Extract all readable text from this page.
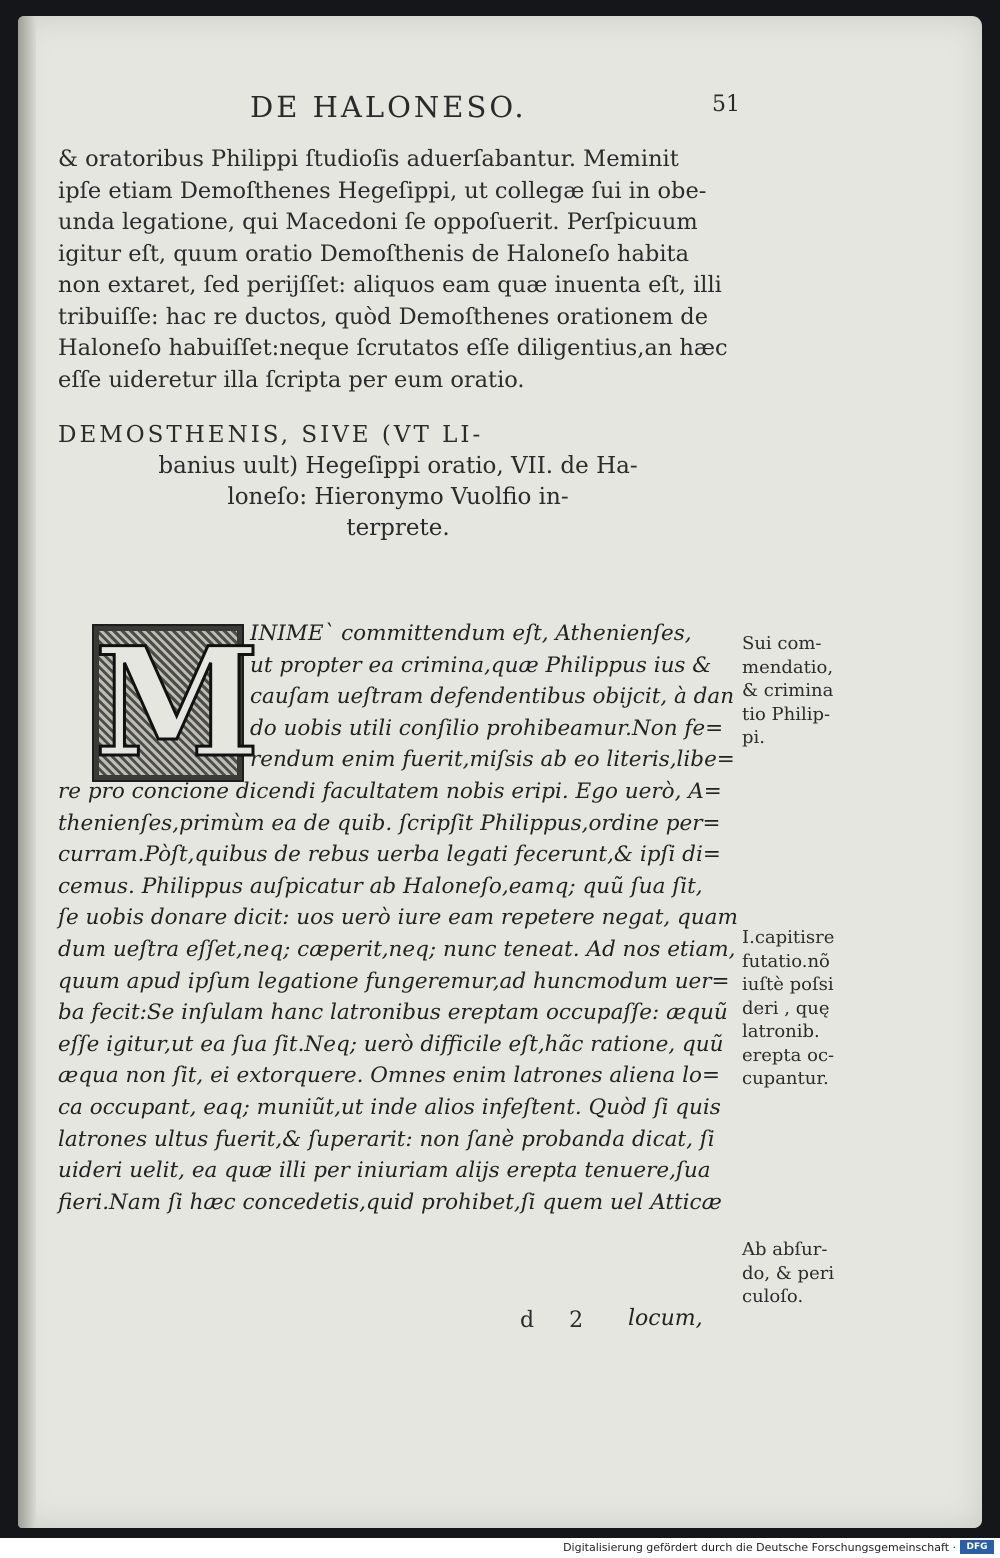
DE HALONESO.	51
& oratoribus Philippi ſtudioſis aduerſabantur. Meminit
ipſe etiam Demoſthenes Hegeſippi, ut collegæ ſui in obe-
unda legatione, qui Macedoni ſe oppoſuerit. Perſpicuum
igitur eſt, quum oratio Demoſthenis de Haloneſo habita
non extaret, ſed perijſſet: aliquos eam quæ inuenta eſt, illi
tribuiſſe: hac re ductos, quòd Demoſthenes orationem de
Haloneſo habuiſſet:neque ſcrutatos eſſe diligentius,an hæc
eſſe uideretur illa ſcripta per eum oratio.
DEMOSTHENIS, SIVE (VT LI-
banius uult) Hegeſippi oratio, VII. de Ha-
loneſo: Hieronymo Vuolfio in-
terprete.
M
INIME` committendum eſt, Athenienſes,
ut propter ea crimina,quæ Philippus ius &
cauſam ueſtram defendentibus obijcit, à dan
do uobis utili conſilio prohibeamur.Non fe=
rendum enim fuerit,miſsis ab eo literis,libe=
re pro concione dicendi facultatem nobis eripi. Ego uerò, A=
thenienſes,primùm ea de quib. ſcripſit Philippus,ordine per=
curram.Pòſt,quibus de rebus uerba legati fecerunt,& ipſi di=
cemus. Philippus auſpicatur ab Haloneſo,eamq; quũ ſua ſit,
ſe uobis donare dicit: uos uerò iure eam repetere negat, quam
dum ueſtra eſſet,neq; cæperit,neq; nunc teneat. Ad nos etiam,
quum apud ipſum legatione fungeremur,ad huncmodum uer=
ba fecit:Se inſulam hanc latronibus ereptam occupaſſe: æquũ
eſſe igitur,ut ea ſua ſit.Neq; uerò difficile eſt,hãc ratione, quũ
æqua non ſit, ei extorquere. Omnes enim latrones aliena lo=
ca occupant, eaq; muniũt,ut inde alios infeſtent. Quòd ſi quis
latrones ultus fuerit,& ſuperarit: non ſanè probanda dicat, ſi
uideri uelit, ea quæ illi per iniuriam alijs erepta tenuere,ſua
fieri.Nam ſi hæc concedetis,quid prohibet,ſi quem uel Atticæ
Sui com-
mendatio,
& crimina
tio Philip-
pi.
I.capitisre
futatio.nõ
iuſtè poſsi
deri , quę
latronib.
erepta oc-
cupantur.
Ab abſur-
do, & peri
culoſo.
d 2 locum,
Digitalisierung gefördert durch die Deutsche Forschungsgemeinschaft ·	DFG
